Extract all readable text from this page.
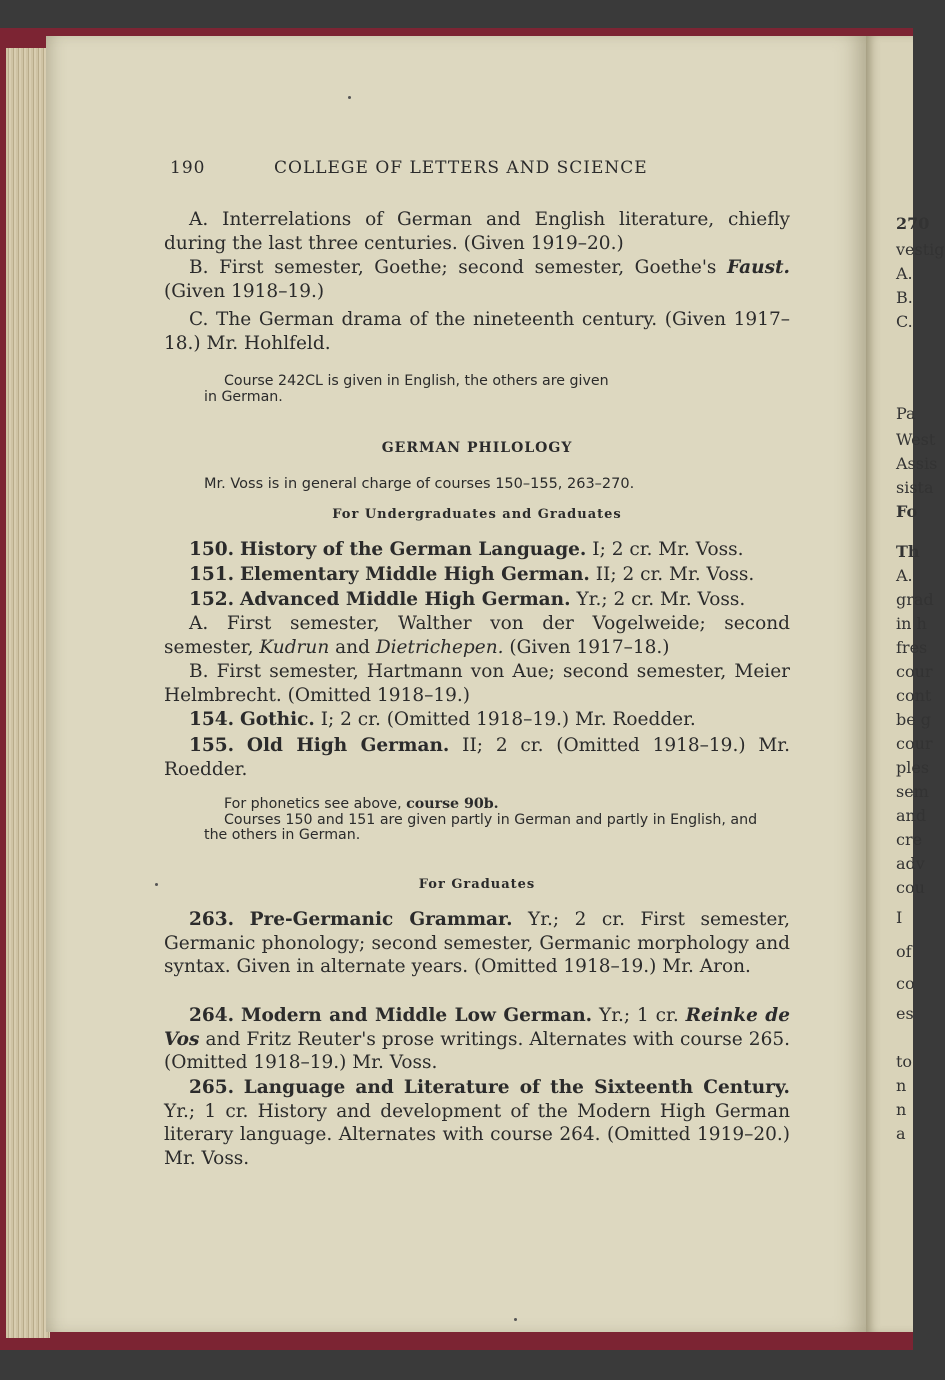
270
vestig
A.
B.
C.
Pa
West
Assis
sista
Fo
Th
A.
grad
in h
fres
cour
cont
be g
cour
ples
sem
and
cre
adv
cou
I
of
co
es
to
n
n
a
190	COLLEGE OF LETTERS AND SCIENCE
A. Interrelations of German and English literature, chiefly during the last three centuries. (Given 1919–20.)
B. First semester, Goethe; second semester, Goethe's Faust. (Given 1918–19.)
C. The German drama of the nineteenth century. (Given 1917–18.) Mr. Hohlfeld.
Course 242CL is given in English, the others are given
in German.
GERMAN PHILOLOGY
Mr. Voss is in general charge of courses 150–155, 263–270.
For Undergraduates and Graduates
150. History of the German Language. I; 2 cr. Mr. Voss.
151. Elementary Middle High German. II; 2 cr. Mr. Voss.
152. Advanced Middle High German. Yr.; 2 cr. Mr. Voss.
A. First semester, Walther von der Vogelweide; second semester, Kudrun and Dietrichepen. (Given 1917–18.)
B. First semester, Hartmann von Aue; second semester, Meier Helmbrecht. (Omitted 1918–19.)
154. Gothic. I; 2 cr. (Omitted 1918–19.) Mr. Roedder.
155. Old High German. II; 2 cr. (Omitted 1918–19.) Mr. Roedder.
For phonetics see above, course 90b.
Courses 150 and 151 are given partly in German and partly in English, and the others in German.
For Graduates
263. Pre-Germanic Grammar. Yr.; 2 cr. First semester, Germanic phonology; second semester, Germanic morphology and syntax. Given in alternate years. (Omitted 1918–19.) Mr. Aron.
264. Modern and Middle Low German. Yr.; 1 cr. Reinke de Vos and Fritz Reuter's prose writings. Alternates with course 265. (Omitted 1918–19.) Mr. Voss.
265. Language and Literature of the Sixteenth Century. Yr.; 1 cr. History and development of the Modern High German literary language. Alternates with course 264. (Omitted 1919–20.) Mr. Voss.
